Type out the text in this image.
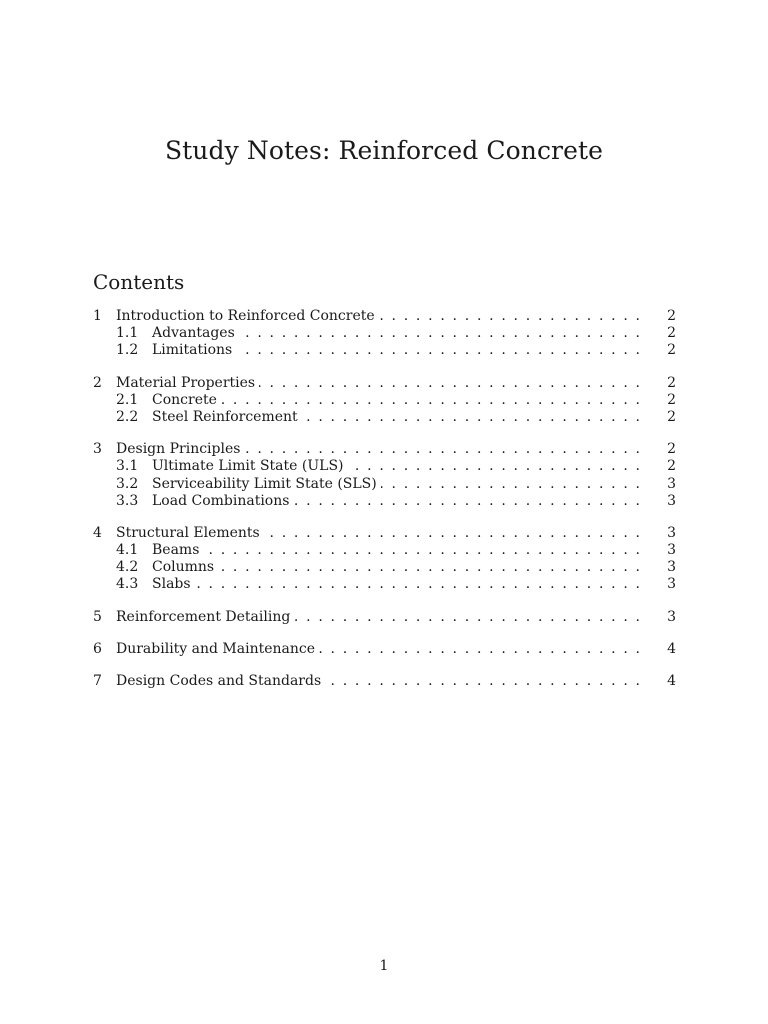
Study Notes: Reinforced Concrete
Contents
1 . . . Introduction to Reinforced Concrete	2
1.1 . . . Advantages	2
1.2 . . . Limitations	2
2 . . . Material Properties	2
2.1 . . . Concrete	2
2.2 . . . Steel Reinforcement	2
3 . . . Design Principles	2
3.1 . . . Ultimate Limit State (ULS)	2
3.2 . . . Serviceability Limit State (SLS)	3
3.3 . . . Load Combinations	3
4 . . . Structural Elements	3
4.1 . . . Beams	3
4.2 . . . Columns	3
4.3 . . . Slabs	3
5 . . . Reinforcement Detailing	3
6 . . . Durability and Maintenance	4
7 . . . Design Codes and Standards	4
1
